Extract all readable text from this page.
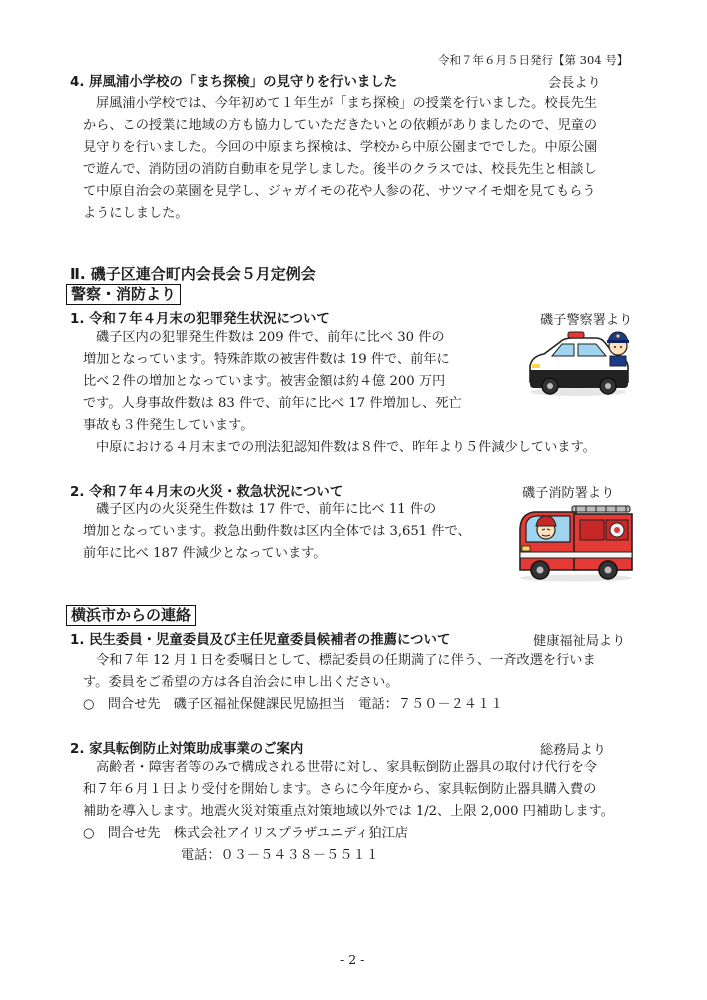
令和７年６月５日発行【第 304 号】
4. 屏風浦小学校の「まち探検」の見守りを行いました	会長より
屏風浦小学校では、今年初めて１年生が「まち探検」の授業を行いました。校長先生
から、この授業に地域の方も協力していただきたいとの依頼がありましたので、児童の
見守りを行いました。今回の中原まち探検は、学校から中原公園まででした。中原公園
で遊んで、消防団の消防自動車を見学しました。後半のクラスでは、校長先生と相談し
て中原自治会の菜園を見学し、ジャガイモの花や人参の花、サツマイモ畑を見てもらう
ようにしました。
Ⅱ. 磯子区連合町内会長会５月定例会
警察・消防より
1. 令和７年４月末の犯罪発生状況について	磯子警察署より
磯子区内の犯罪発生件数は 209 件で、前年に比べ 30 件の
増加となっています。特殊詐欺の被害件数は 19 件で、前年に
比べ２件の増加となっています。被害金額は約４億 200 万円
です。人身事故件数は 83 件で、前年に比べ 17 件増加し、死亡
事故も３件発生しています。
中原における４月末までの刑法犯認知件数は８件で、昨年より５件減少しています。
2. 令和７年４月末の火災・救急状況について	磯子消防署より
磯子区内の火災発生件数は 17 件で、前年に比べ 11 件の
増加となっています。救急出動件数は区内全体では 3,651 件で、
前年に比べ 187 件減少となっています。
横浜市からの連絡
1. 民生委員・児童委員及び主任児童委員候補者の推薦について	健康福祉局より
令和７年 12 月１日を委嘱日として、標記委員の任期満了に伴う、一斉改選を行いま
す。委員をご希望の方は各自治会に申し出ください。
○　問合せ先　磯子区福祉保健課民児協担当　電話：７５０－２４１１
2. 家具転倒防止対策助成事業のご案内	総務局より
高齢者・障害者等のみで構成される世帯に対し、家具転倒防止器具の取付け代行を令
和７年６月１日より受付を開始します。さらに今年度から、家具転倒防止器具購入費の
補助を導入します。地震火災対策重点対策地域以外では 1/2、上限 2,000 円補助します。
○　問合せ先　株式会社アイリスプラザユニディ狛江店
電話：０３－５４３８－５５１１
- 2 -
